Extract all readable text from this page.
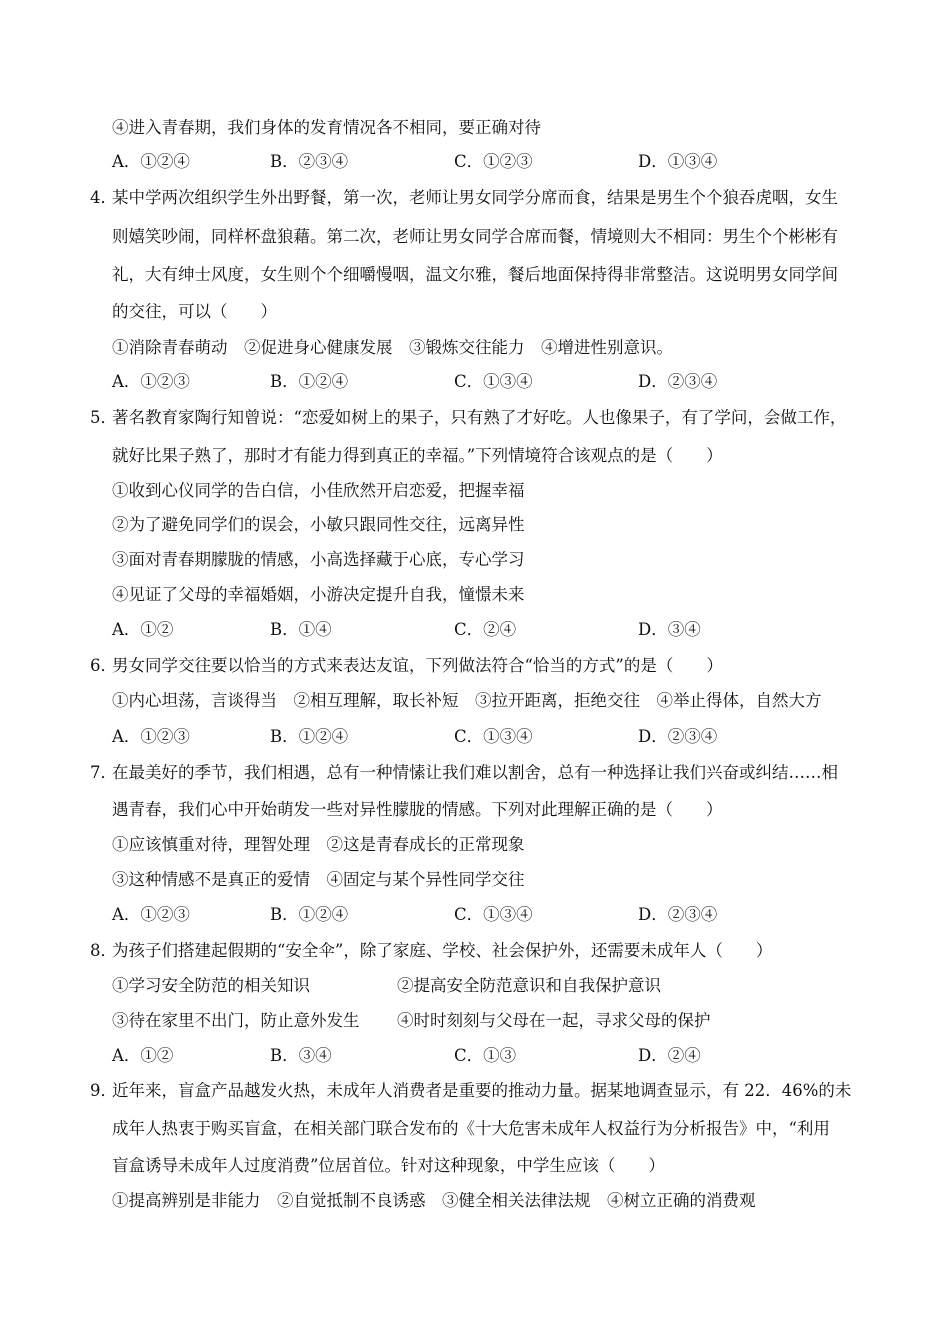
④进入青春期，我们身体的发育情况各不相同，要正确对待
A．①②④	B．②③④	C．①②③	D．①③④
4．
某中学两次组织学生外出野餐，第一次，老师让男女同学分席而食，结果是男生个个狼吞虎咽，女生
则嬉笑吵闹，同样杯盘狼藉。第二次，老师让男女同学合席而餐，情境则大不相同：男生个个彬彬有
礼，大有绅士风度，女生则个个细嚼慢咽，温文尔雅，餐后地面保持得非常整洁。这说明男女同学间
的交往，可以（　　）
①消除青春萌动　②促进身心健康发展　③锻炼交往能力　④增进性别意识。
A．①②③	B．①②④	C．①③④	D．②③④
5．
著名教育家陶行知曾说：“恋爱如树上的果子，只有熟了才好吃。人也像果子，有了学问，会做工作，
就好比果子熟了，那时才有能力得到真正的幸福。”下列情境符合该观点的是（　　）
①收到心仪同学的告白信，小佳欣然开启恋爱，把握幸福
②为了避免同学们的误会，小敏只跟同性交往，远离异性
③面对青春期朦胧的情感，小高选择藏于心底，专心学习
④见证了父母的幸福婚姻，小游决定提升自我，憧憬未来
A．①②	B．①④	C．②④	D．③④
6．
男女同学交往要以恰当的方式来表达友谊，下列做法符合“恰当的方式”的是（　　）
①内心坦荡，言谈得当　②相互理解，取长补短　③拉开距离，拒绝交往　④举止得体，自然大方
A．①②③	B．①②④	C．①③④	D．②③④
7．
在最美好的季节，我们相遇，总有一种情愫让我们难以割舍，总有一种选择让我们兴奋或纠结……相
遇青春，我们心中开始萌发一些对异性朦胧的情感。下列对此理解正确的是（　　）
①应该慎重对待，理智处理　②这是青春成长的正常现象
③这种情感不是真正的爱情　④固定与某个异性同学交往
A．①②③	B．①②④	C．①③④	D．②③④
8．
为孩子们搭建起假期的“安全伞”，除了家庭、学校、社会保护外，还需要未成年人（　　）
①学习安全防范的相关知识	②提高安全防范意识和自我保护意识
③待在家里不出门，防止意外发生 ④时时刻刻与父母在一起，寻求父母的保护
A．①②	B．③④	C．①③	D．②④
9．
近年来，盲盒产品越发火热，未成年人消费者是重要的推动力量。据某地调查显示，有 22．46%的未
成年人热衷于购买盲盒，在相关部门联合发布的《十大危害未成年人权益行为分析报告》中，“利用
盲盒诱导未成年人过度消费”位居首位。针对这种现象，中学生应该（　　）
①提高辨别是非能力　②自觉抵制不良诱惑　③健全相关法律法规　④树立正确的消费观
